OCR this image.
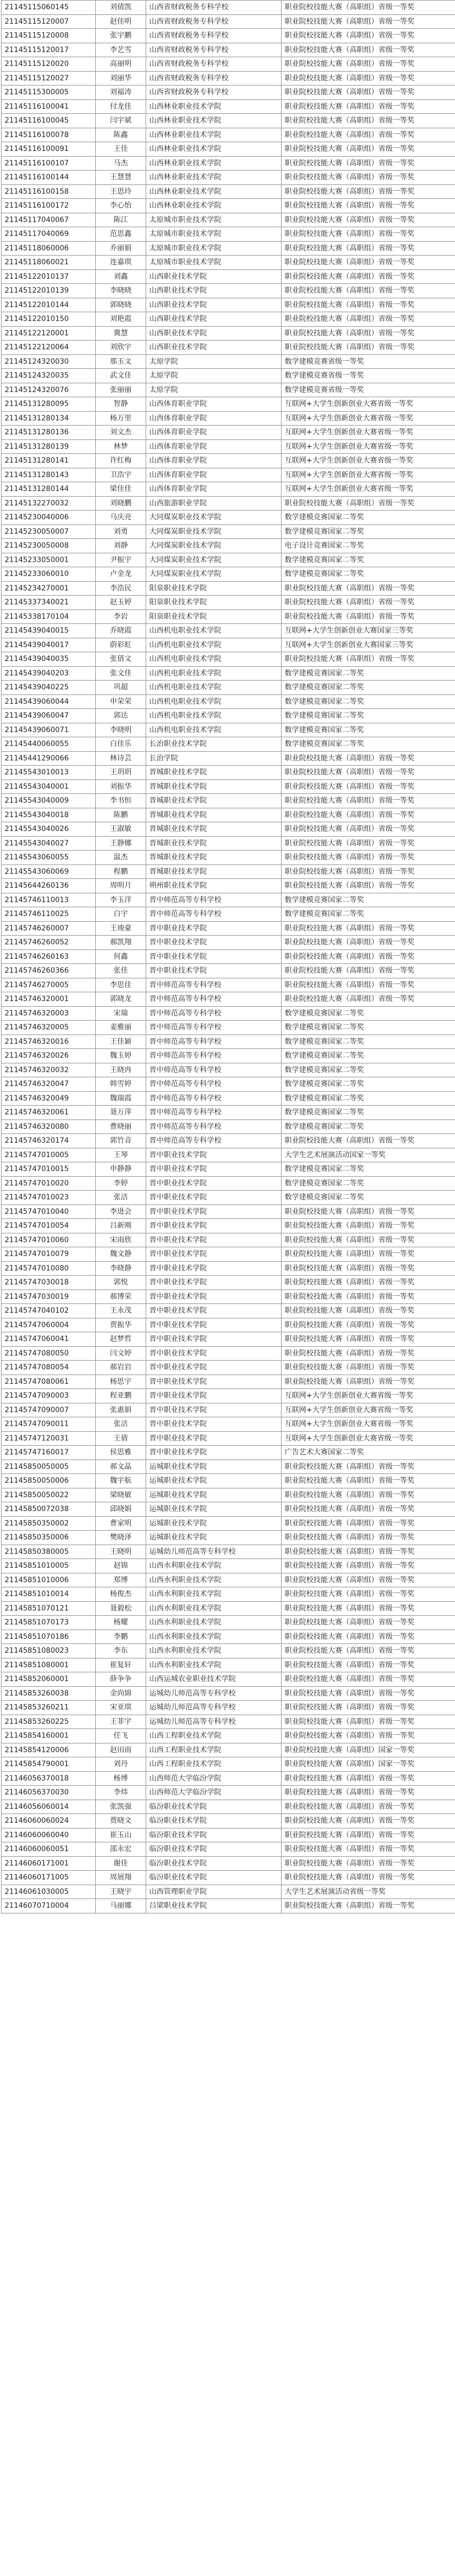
21145115060145	刘倩凯	山西省财政税务专科学校	职业院校技能大赛（高职组）省级一等奖
21145115120007	赵佳明	山西省财政税务专科学校	职业院校技能大赛（高职组）省级一等奖
21145115120008	张宇鹏	山西省财政税务专科学校	职业院校技能大赛（高职组）省级一等奖
21145115120017	李艺雪	山西省财政税务专科学校	职业院校技能大赛（高职组）省级一等奖
21145115120020	高丽明	山西省财政税务专科学校	职业院校技能大赛（高职组）省级一等奖
21145115120027	刘丽华	山西省财政税务专科学校	职业院校技能大赛（高职组）省级一等奖
21145115300005	刘福涛	山西省财政税务专科学校	职业院校技能大赛（高职组）省级一等奖
21145116100041	付龙佳	山西林业职业技术学院	职业院校技能大赛（高职组）省级一等奖
21145116100045	闫宇斌	山西林业职业技术学院	职业院校技能大赛（高职组）省级一等奖
21145116100078	陈鑫	山西林业职业技术学院	职业院校技能大赛（高职组）省级一等奖
21145116100091	王佳	山西林业职业技术学院	职业院校技能大赛（高职组）省级一等奖
21145116100107	马杰	山西林业职业技术学院	职业院校技能大赛（高职组）省级一等奖
21145116100144	王慧慧	山西林业职业技术学院	职业院校技能大赛（高职组）省级一等奖
21145116100158	王思玲	山西林业职业技术学院	职业院校技能大赛（高职组）省级一等奖
21145116100172	李心怡	山西林业职业技术学院	职业院校技能大赛（高职组）省级一等奖
21145117040067	陈江	太原城市职业技术学院	职业院校技能大赛（高职组）省级一等奖
21145117040069	范思鑫	太原城市职业技术学院	职业院校技能大赛（高职组）省级一等奖
21145118060006	乔丽娟	太原城市职业技术学院	职业院校技能大赛（高职组）省级一等奖
21145118060021	连嘉琪	太原城市职业技术学院	职业院校技能大赛（高职组）省级一等奖
21145122010137	刘鑫	山西职业技术学院	职业院校技能大赛（高职组）省级一等奖
21145122010139	李晓晓	山西职业技术学院	职业院校技能大赛（高职组）省级一等奖
21145122010144	郭晓晓	山西职业技术学院	职业院校技能大赛（高职组）省级一等奖
21145122010150	刘艳霞	山西职业技术学院	职业院校技能大赛（高职组）省级一等奖
21145122120001	冀慧	山西职业技术学院	职业院校技能大赛（高职组）省级一等奖
21145122120064	刘欣宇	山西职业技术学院	职业院校技能大赛（高职组）省级一等奖
21145124320030	那玉文	太原学院	数学建模竞赛省级一等奖
21145124320035	武文佳	太原学院	数学建模竞赛省级一等奖
21145124320076	张丽丽	太原学院	数学建模竞赛省级一等奖
21145131280095	智静	山西体育职业学院	互联网+大学生创新创业大赛省级一等奖
21145131280134	杨万里	山西体育职业学院	互联网+大学生创新创业大赛省级一等奖
21145131280136	刘文杰	山西体育职业学院	互联网+大学生创新创业大赛省级一等奖
21145131280139	林梦	山西体育职业学院	互联网+大学生创新创业大赛省级一等奖
21145131280141	许红梅	山西体育职业学院	互联网+大学生创新创业大赛省级一等奖
21145131280143	卫浩宇	山西体育职业学院	互联网+大学生创新创业大赛省级一等奖
21145131280144	梁佳佳	山西体育职业学院	互联网+大学生创新创业大赛省级一等奖
21145132270032	刘晓鹏	山西旅游职业学院	职业院校技能大赛（高职组）省级一等奖
21145230040006	马庆亮	大同煤炭职业技术学院	数学建模竞赛国家二等奖
21145230050007	刘勇	大同煤炭职业技术学院	数学建模竞赛国家二等奖
21145230050008	刘静	大同煤炭职业技术学院	电子设计竞赛国家二等奖
21145233050001	尹振宇	大同煤炭职业技术学院	数学建模竞赛国家二等奖
21145233060010	卢金龙	大同煤炭职业技术学院	数学建模竞赛国家二等奖
21145234270001	李浩民	阳泉职业技术学院	职业院校技能大赛（高职组）省级一等奖
21145337340021	赵玉婷	阳泉职业技术学院	职业院校技能大赛（高职组）省级一等奖
21145338170104	李岩	阳泉职业技术学院	职业院校技能大赛（高职组）省级一等奖
21145439040015	乔晓霞	山西机电职业技术学院	互联网+大学生创新创业大赛国家三等奖
21145439040017	蔚彩虹	山西机电职业技术学院	互联网+大学生创新创业大赛国家三等奖
21145439040035	张倩文	山西机电职业技术学院	职业院校技能大赛（高职组）省级一等奖
21145439040203	张文佳	山西机电职业技术学院	数学建模竞赛国家二等奖
21145439040225	巩超	山西机电职业技术学院	数学建模竞赛国家二等奖
21145439060044	申荣荣	山西机电职业技术学院	数学建模竞赛国家二等奖
21145439060047	郭达	山西机电职业技术学院	数学建模竞赛国家二等奖
21145439060071	李晓明	山西机电职业技术学院	数学建模竞赛国家二等奖
21145440060055	白佳乐	长治职业技术学院	数学建模竞赛国家二等奖
21145441290066	林诗芸	长治学院	职业院校技能大赛（高职组）省级一等奖
21145543010013	王玥玥	晋城职业技术学院	职业院校技能大赛（高职组）省级一等奖
21145543040001	刘振华	晋城职业技术学院	职业院校技能大赛（高职组）省级一等奖
21145543040009	李书恒	晋城职业技术学院	职业院校技能大赛（高职组）省级一等奖
21145543040018	陈鹏	晋城职业技术学院	职业院校技能大赛（高职组）省级一等奖
21145543040026	王淑敏	晋城职业技术学院	职业院校技能大赛（高职组）省级一等奖
21145543040027	王静娜	晋城职业技术学院	职业院校技能大赛（高职组）省级一等奖
21145543060055	温杰	晋城职业技术学院	职业院校技能大赛（高职组）省级一等奖
21145543060069	程鹏	晋城职业技术学院	职业院校技能大赛（高职组）省级一等奖
21145644260136	周明月	朔州职业技术学院	职业院校技能大赛（高职组）省级一等奖
21145746110013	李玉洋	晋中师范高等专科学校	数学建模竞赛国家二等奖
21145746110025	白宇	晋中师范高等专科学校	数学建模竞赛国家二等奖
21145746260007	王竣豪	晋中职业技术学院	职业院校技能大赛（高职组）省级一等奖
21145746260052	郝凯翔	晋中职业技术学院	职业院校技能大赛（高职组）省级一等奖
21145746260163	何鑫	晋中职业技术学院	职业院校技能大赛（高职组）省级一等奖
21145746260366	张佳	晋中职业技术学院	职业院校技能大赛（高职组）省级一等奖
21145746270005	李思佳	晋中师范高等专科学校	职业院校技能大赛（高职组）省级一等奖
21145746320001	郭晓龙	晋中师范高等专科学校	职业院校技能大赛（高职组）省级一等奖
21145746320003	宋瑞	晋中师范高等专科学校	数学建模竞赛国家二等奖
21145746320005	姜雅丽	晋中师范高等专科学校	数学建模竞赛国家二等奖
21145746320016	王佳颖	晋中师范高等专科学校	数学建模竞赛国家二等奖
21145746320026	魏玉婷	晋中师范高等专科学校	数学建模竞赛国家二等奖
21145746320032	王晓冉	晋中师范高等专科学校	数学建模竞赛国家二等奖
21145746320047	韩雪婷	晋中师范高等专科学校	数学建模竞赛国家二等奖
21145746320049	魏瑞霞	晋中师范高等专科学校	数学建模竞赛国家二等奖
21145746320061	聂万萍	晋中师范高等专科学校	数学建模竞赛国家二等奖
21145746320080	曹晓丽	晋中师范高等专科学校	数学建模竞赛国家二等奖
21145746320174	郭竹音	晋中师范高等专科学校	职业院校技能大赛（高职组）省级一等奖
21145747010005	王琴	晋中职业技术学院	大学生艺术展演活动国家一等奖
21145747010015	申静静	晋中职业技术学院	数学建模竞赛国家二等奖
21145747010020	李婷	晋中职业技术学院	数学建模竞赛国家二等奖
21145747010023	张洁	晋中职业技术学院	数学建模竞赛国家二等奖
21145747010040	李进会	晋中职业技术学院	职业院校技能大赛（高职组）省级一等奖
21145747010054	吕新刚	晋中职业技术学院	职业院校技能大赛（高职组）省级一等奖
21145747010060	宋雨欣	晋中职业技术学院	职业院校技能大赛（高职组）省级一等奖
21145747010079	魏文静	晋中职业技术学院	职业院校技能大赛（高职组）省级一等奖
21145747010080	李晓静	晋中职业技术学院	职业院校技能大赛（高职组）省级一等奖
21145747030018	郭悦	晋中职业技术学院	职业院校技能大赛（高职组）省级一等奖
21145747030019	郝博荣	晋中职业技术学院	职业院校技能大赛（高职组）省级一等奖
21145747040102	王永茂	晋中职业技术学院	职业院校技能大赛（高职组）省级一等奖
21145747060004	贾振华	晋中职业技术学院	职业院校技能大赛（高职组）省级一等奖
21145747060041	赵梦哲	晋中职业技术学院	职业院校技能大赛（高职组）省级一等奖
21145747080050	闫文婷	晋中职业技术学院	职业院校技能大赛（高职组）省级一等奖
21145747080054	郝岩岩	晋中职业技术学院	职业院校技能大赛（高职组）省级一等奖
21145747080061	杨思宇	晋中职业技术学院	职业院校技能大赛（高职组）省级一等奖
21145747090003	程亚鹏	晋中职业技术学院	互联网+大学生创新创业大赛省级一等奖
21145747090007	张惠娟	晋中职业技术学院	互联网+大学生创新创业大赛省级一等奖
21145747090011	张洁	晋中职业技术学院	互联网+大学生创新创业大赛省级一等奖
21145747120031	王倩	晋中职业技术学院	互联网+大学生创新创业大赛省级一等奖
21145747160017	侯思雅	晋中职业技术学院	广告艺术大赛国家二等奖
21145850050005	郝文晶	运城职业技术学院	职业院校技能大赛（高职组）省级一等奖
21145850050006	魏宇航	运城职业技术学院	职业院校技能大赛（高职组）省级一等奖
21145850050022	梁晓敏	运城职业技术学院	职业院校技能大赛（高职组）省级一等奖
21145850072038	邱晓娟	运城职业技术学院	职业院校技能大赛（高职组）省级一等奖
21145850350002	曹家明	运城职业技术学院	职业院校技能大赛（高职组）省级一等奖
21145850350006	樊晓泽	运城职业技术学院	职业院校技能大赛（高职组）省级一等奖
21145850380005	王晓明	运城幼儿师范高等专科学校	职业院校技能大赛（高职组）省级一等奖
21145851010005	赵锦	山西水利职业技术学院	职业院校技能大赛（高职组）省级一等奖
21145851010006	郑博	山西水利职业技术学院	职业院校技能大赛（高职组）省级一等奖
21145851010014	杨俊杰	山西水利职业技术学院	职业院校技能大赛（高职组）省级一等奖
21145851070121	聂毅松	山西水利职业技术学院	职业院校技能大赛（高职组）省级一等奖
21145851070173	杨耀	山西水利职业技术学院	职业院校技能大赛（高职组）省级一等奖
21145851070186	李鹏	山西水利职业技术学院	职业院校技能大赛（高职组）省级一等奖
21145851080023	李东	山西水利职业技术学院	职业院校技能大赛（高职组）省级一等奖
21145851080001	崔复轩	山西水利职业技术学院	职业院校技能大赛（高职组）省级一等奖
21145852060001	薛争争	山西运城农业职业技术学院	职业院校技能大赛（高职组）省级一等奖
21145853260038	金尚锦	运城幼儿师范高等专科学校	职业院校技能大赛（高职组）省级一等奖
21145853260211	宋亚琪	运城幼儿师范高等专科学校	职业院校技能大赛（高职组）省级一等奖
21145853260225	王菲宇	运城幼儿师范高等专科学校	职业院校技能大赛（高职组）省级一等奖
21145854160001	任飞	山西工程职业技术学院	职业院校技能大赛（高职组）省级一等奖
21145854120006	赵田雨	山西工程职业技术学院	职业院校技能大赛（高职组）国家一等奖
21145854790001	刘丹	山西工程职业技术学院	职业院校技能大赛（高职组）国家一等奖
21146056370018	杨博	山西师范大学临汾学院	职业院校技能大赛（高职组）省级一等奖
21146056370030	李炜	山西师范大学临汾学院	职业院校技能大赛（高职组）省级一等奖
21146056060014	张凯强	临汾职业技术学院	职业院校技能大赛（高职组）省级一等奖
21146060060024	贾晓文	临汾职业技术学院	职业院校技能大赛（高职组）省级一等奖
21146060060040	崔玉山	临汾职业技术学院	职业院校技能大赛（高职组）省级一等奖
21146060060051	邵永宏	临汾职业技术学院	职业院校技能大赛（高职组）省级一等奖
21146060171001	谢佳	临汾职业技术学院	职业院校技能大赛（高职组）省级一等奖
21146060171005	周展翔	临汾职业技术学院	职业院校技能大赛（高职组）省级一等奖
21146061030005	王晓宇	山西管理职业学院	大学生艺术展演活动省级一等奖
21146070710004	马丽娜	吕梁职业技术学院	职业院校技能大赛（高职组）省级一等奖
